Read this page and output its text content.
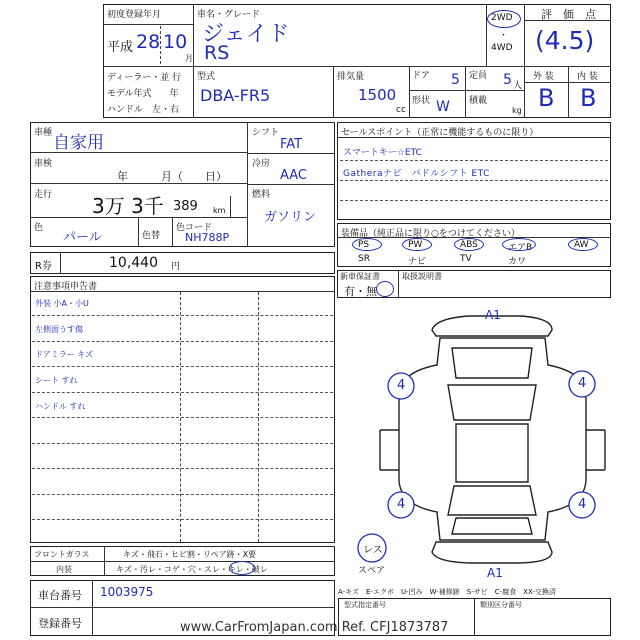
初度登録年月
平成 28 10
月
車名・グレード
ジェイド
RS
2WD
・
4WD
評　価　点
(4.5)
ディーラー・並 行
モデル年式　　年
ハンドル　左・右
型式
DBA-FR5
排気量
1500
cc
ドア 5 定員 5 人
形状 W 積載
kg
外 装	内 装
B B
車種 自家用
車検
年　　　月（　　日）
走行 3万 3千 389 km
色
パール	色替
色コード
NH788P
シフト
FAT
冷房
AAC
燃料
ガソリン
R券	10,440 円
セールスポイント（正常に機能するものに限り）
スマートキー☆ETC
Gatheraナビ　パドルシフト ETC
装備品（純正品に限り○をつけてください）
PS	PW	ABS	エアB	AW
SR	ナビ	TV	カワ
新車保証書
有・無
取扱説明書
注意事項申告書
外装 小A・小U
左側面うす傷
ドアミラー キズ
シート すれ
ハンドル すれ
A1
A1
4	4
4	4
レス
スペア
フロントガラス	キズ・飛石・ヒビ割・リペア跡・X要
内装	キズ・汚レ・コゲ・穴・スレ・キレ・破レ
車台番号 1003975
登録番号
A-キズ　E-エクボ　U-凹み　W-補修跡　S-サビ　C-腐食　XX-交換済
型式指定番号	類別区分番号
www.CarFromJapan.com Ref. CFJ1873787
